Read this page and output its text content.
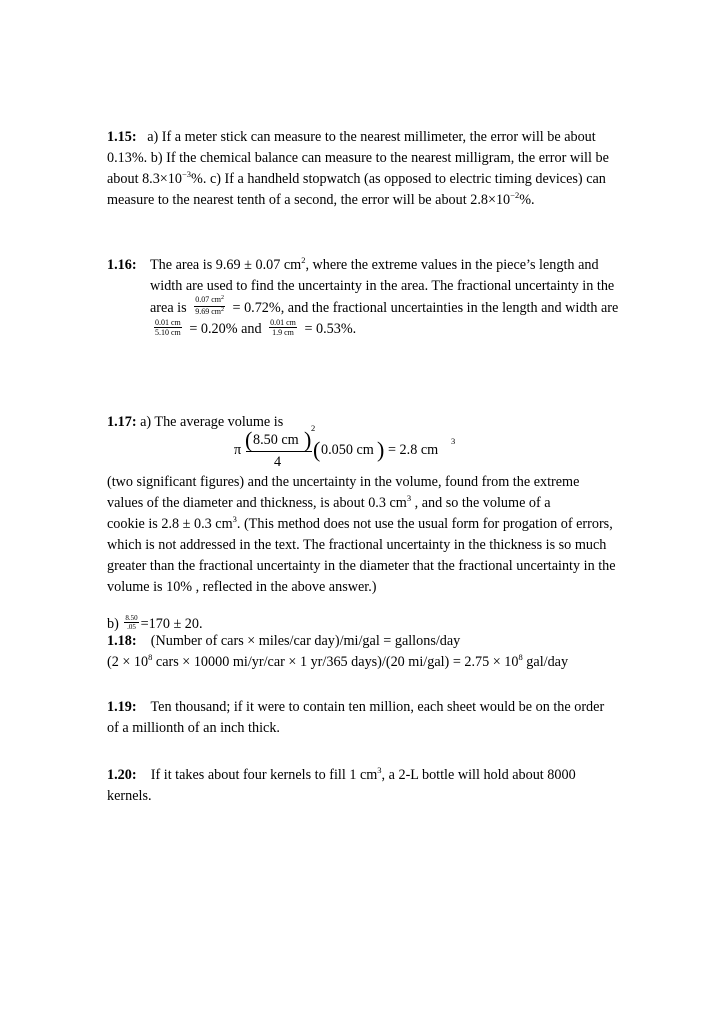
1.15: a) If a meter stick can measure to the nearest millimeter, the error will be about
0.13%. b) If the chemical balance can measure to the nearest milligram, the error will be
about $8.3\times 10^{-3}\%$. c) If a handheld stopwatch (as opposed to electric timing devices) can
measure to the nearest tenth of a second, the error will be about $2.8\times 10^{-2}\%$.
1.16: The area is 9.69 ± 0.07 $cm^2$, where the extreme values in the piece’s length and
width are used to find the uncertainty in the area. The fractional uncertainty in the
area is $\frac{0.07 cm^2}{9.69 cm^2} = 0.72\%$, and the fractional uncertainties in the length and width are
$\frac{0.01 cm}{5.10 cm} = 0.20\%$ and $\frac{0.01 cm}{1.9 cm} = 0.53\%$.
1.17: a) The average volume is
π ( 8.50 cm ) 2
4 ( 0.050 cm ) = 2.8 cm
3
(two significant figures) and the uncertainty in the volume, found from the extreme
values of the diameter and thickness, is about 0.3 $cm^3$ , and so the volume of a
cookie is 2.8 ± 0.3 $cm^3$. (This method does not use the usual form for progation of errors,
which is not addressed in the text. The fractional uncertainty in the thickness is so much
greater than the fractional uncertainty in the diameter that the fractional uncertainty in the
volume is 10% , reflected in the above answer.)
$b) \frac{8.50}{.05} =170 \pm 20$.
1.18: (Number of cars × miles/car day)/mi/gal = gallons/day
($2 \times 10^8$ cars × 10000 mi/yr/car × 1 yr/365 days)/(20 $mi/gal) = 2.75 \times 10^8$ gal/day
1.19: Ten thousand; if it were to contain ten million, each sheet would be on the order
of a millionth of an inch thick.
1.20: If it takes about four kernels to fill 1 $cm^3$, a 2-L bottle will hold about 8000
kernels.
